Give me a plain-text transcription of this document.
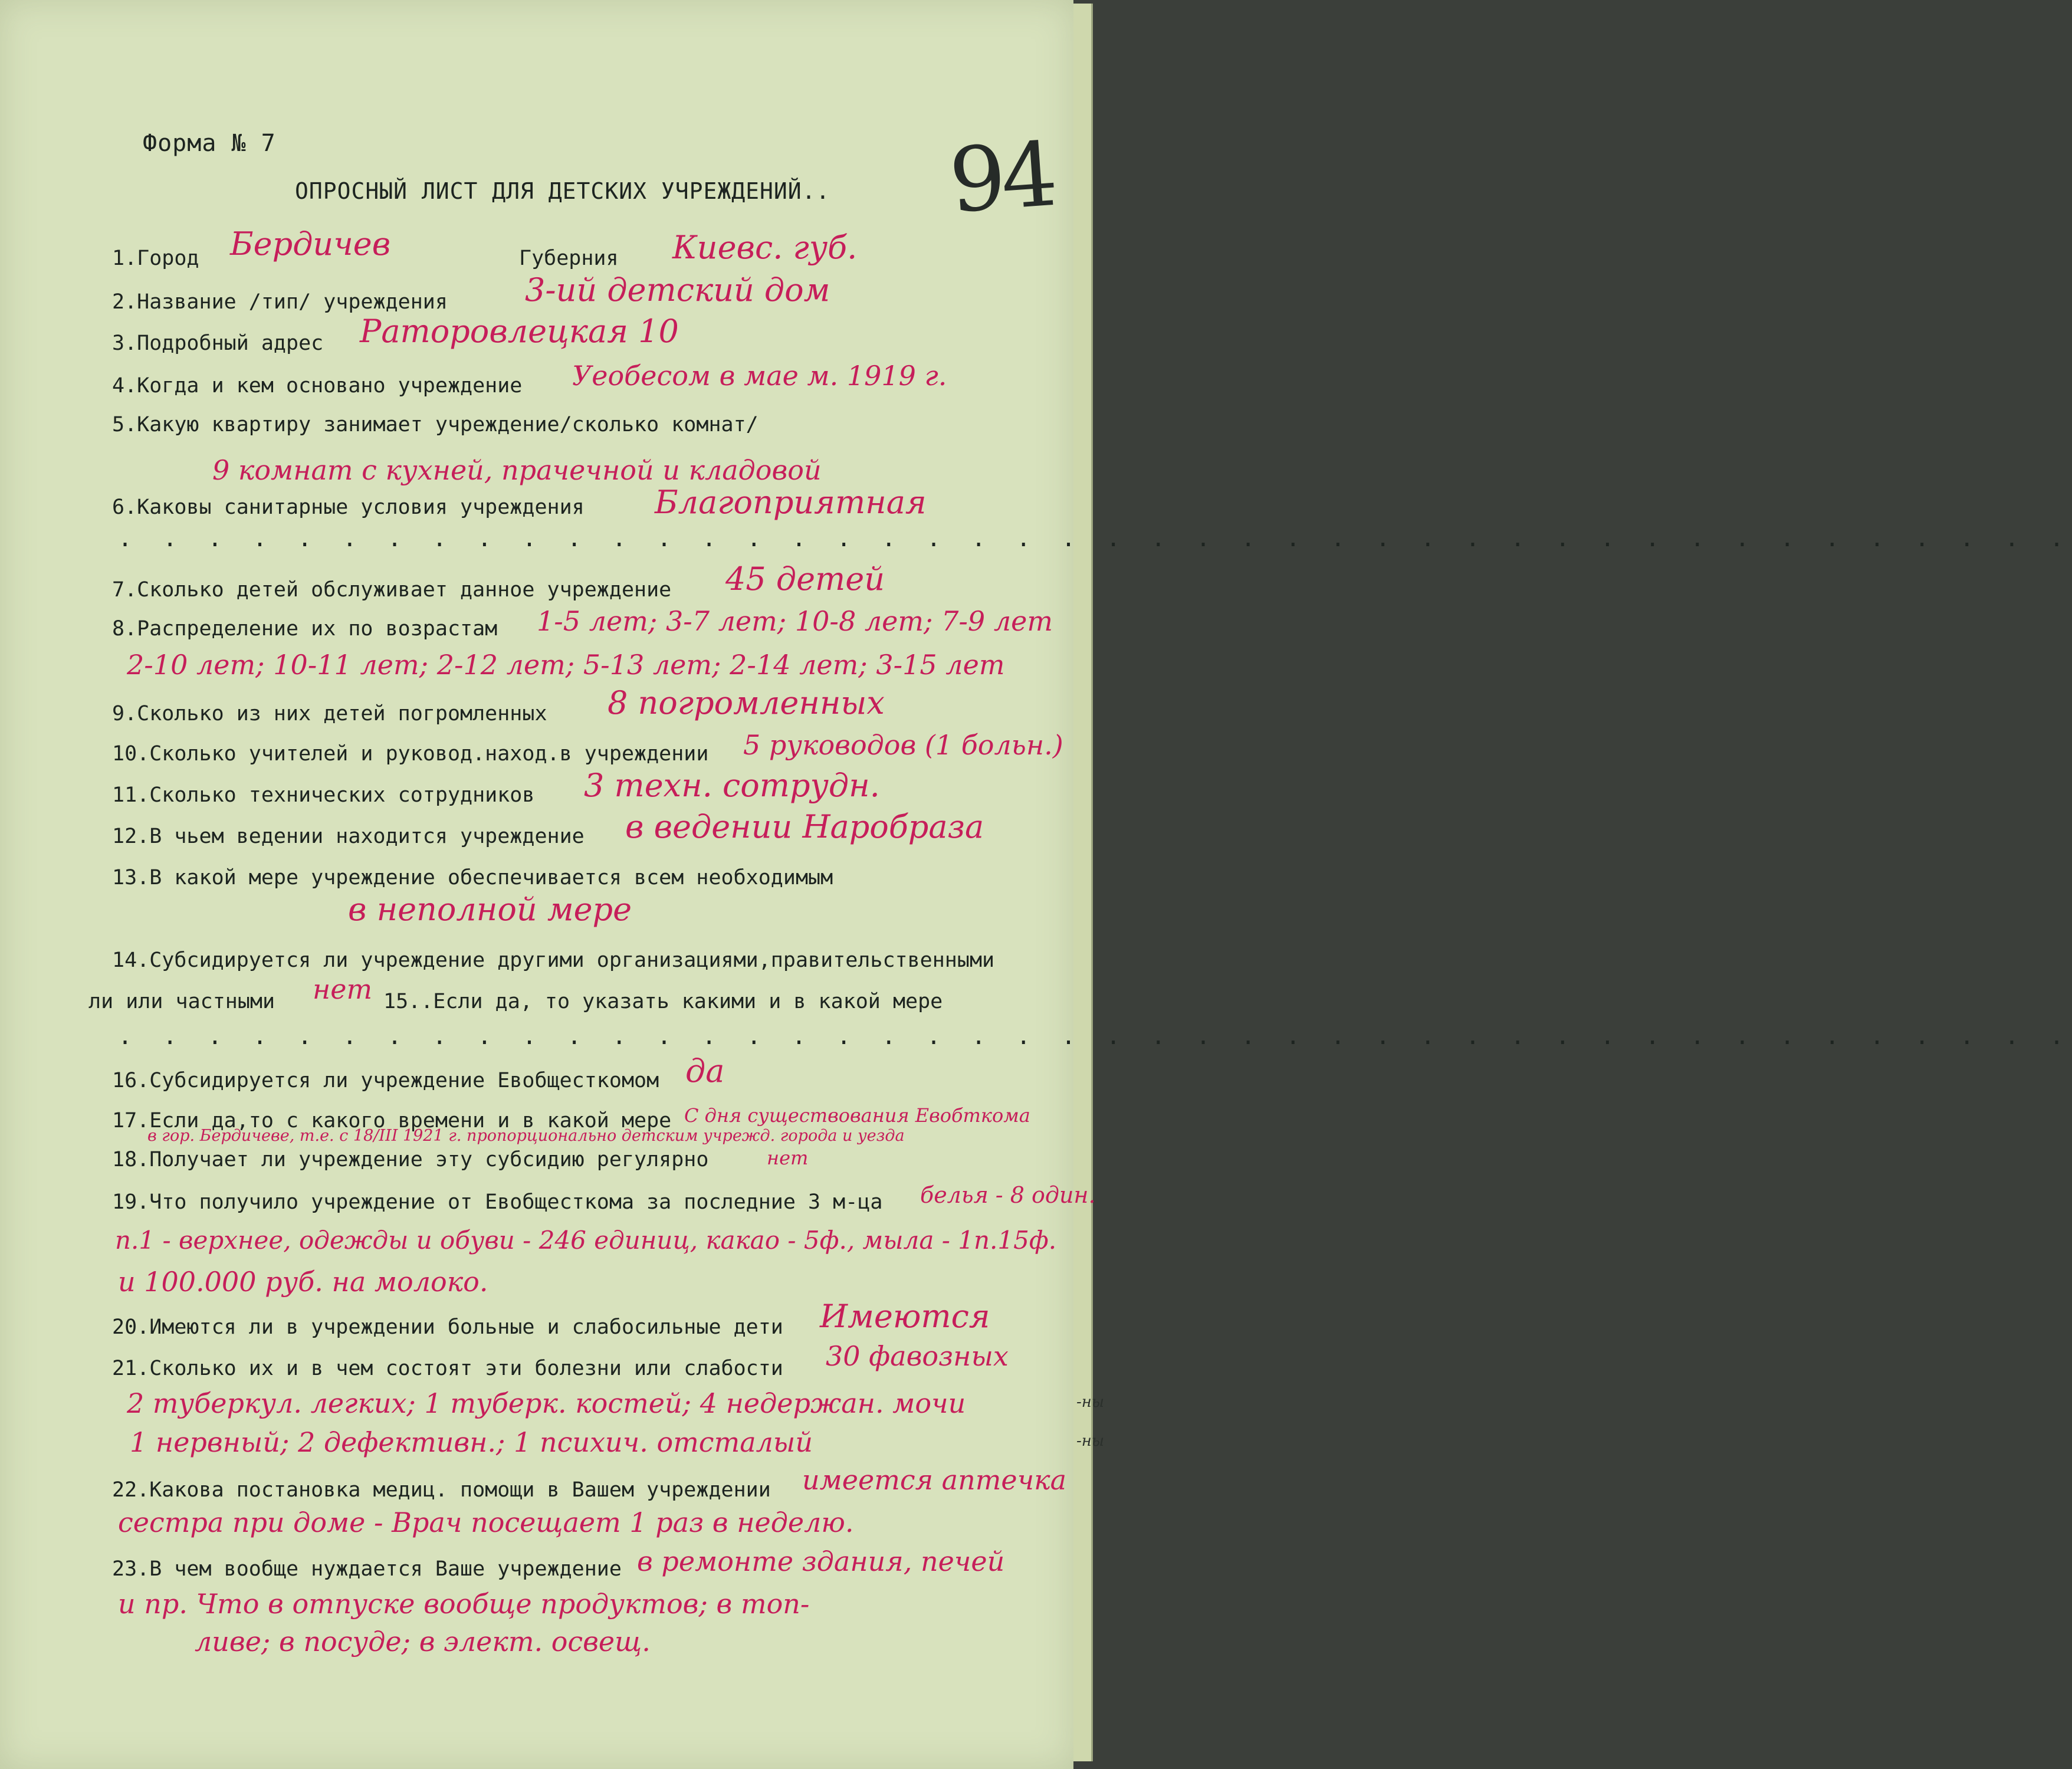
Форма № 7
ОПРОСНЫЙ ЛИСТ ДЛЯ ДЕТСКИХ УЧРЕЖДЕНИЙ.. 94
1.Город Бердичев	Губерния Киевс. губ.
2.Название /тип/ учреждения 3-ий детский дом
3.Подробный адрес Раторовлецкая 10
4.Когда и кем основано учреждение Уеобесом в мае м. 1919 г.
5.Какую квартиру занимает учреждение/сколько комнат/
9 комнат с кухней, прачечной и кладовой
6.Каковы санитарные условия учреждения Благоприятная
. . . . . . . . . . . . . . . . . . . . . . . . . . . . . . . . . . . . . . . . . . . .
7.Сколько детей обслуживает данное учреждение 45 детей
8.Распределение их по возрастам 1-5 лет; 3-7 лет; 10-8 лет; 7-9 лет
2-10 лет; 10-11 лет; 2-12 лет; 5-13 лет; 2-14 лет; 3-15 лет
9.Сколько из них детей погромленных 8 погромленных
10.Сколько учителей и руковод.наход.в учреждении 5 руководов (1 больн.)
11.Сколько технических сотрудников 3 техн. сотрудн.
12.В чьем ведении находится учреждение в ведении Наробраза
13.В какой мере учреждение обеспечивается всем необходимым
в неполной мере
14.Субсидируется ли учреждение другими организациями,правительственными
ли или частными нет 15..Если да, то указать какими и в какой мере
. . . . . . . . . . . . . . . . . . . . . . . . . . . . . . . . . . . . . . . . . . . .
16.Субсидируется ли учреждение Евобщесткомом да
17.Если да,то с какого времени и в какой мере С дня существования Евобткома
в гор. Бердичеве, т.е. с 18/III 1921 г. пропорционально детским учрежд. города и уезда
18.Получает ли учреждение эту субсидию регулярно	нет
19.Что получило учреждение от Евобщесткома за последние 3 м-ца белья - 8 один.
п.1 - верхнее, одежды и обуви - 246 единиц, какао - 5ф., мыла - 1п.15ф.
и 100.000 руб. на молоко.
20.Имеются ли в учреждении больные и слабосильные дети Имеются
21.Сколько их и в чем состоят эти болезни или слабости 30 фавозных
2 туберкул. легких; 1 туберк. костей; 4 недержан. мочи
1 нервный; 2 дефективн.; 1 психич. отсталый
22.Какова постановка медиц. помощи в Вашем учреждении имеется аптечка
сестра при доме - Врач посещает 1 раз в неделю.
23.В чем вообще нуждается Ваше учреждение в ремонте здания, печей
и пр. Что в отпуске вообще продуктов; в топ-
ливе; в посуде; в элект. освещ.
-ны
-ны
